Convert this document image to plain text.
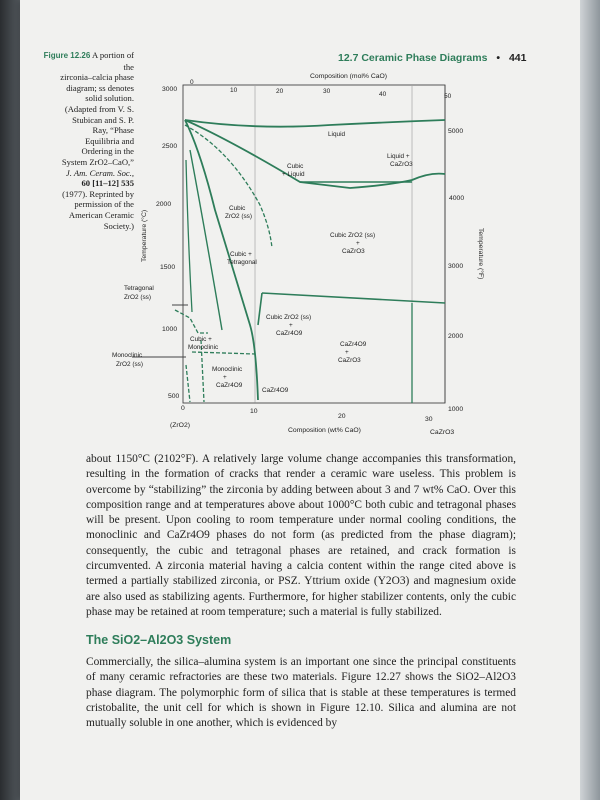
12.7 Ceramic Phase Diagrams • 441
Figure 12.26 A portion of the
zirconia–calcia phase
diagram; ss denotes
solid solution.
(Adapted from V. S.
Stubican and S. P.
Ray, “Phase
Equilibria and
Ordering in the
System ZrO2–CaO,”
J. Am. Ceram. Soc.,
60 [11–12] 535
(1977). Reprinted by
permission of the
American Ceramic
Society.)
Composition (mol% CaO)
0
10	20	30	40	50
Temperature (°C)
3000
2500
2000
1500
1000
500
Temperature (°F)
5000
4000
3000
2000
1000
0	10
20	30
Composition (wt% CaO)
(ZrO2)
CaZrO3
Liquid
Liquid +
CaZrO3
Cubic
+ Liquid
Cubic
ZrO2 (ss)
Cubic ZrO2 (ss)
+
CaZrO3
Cubic +
Tetragonal
Tetragonal
ZrO2 (ss)
Cubic ZrO2 (ss)
+
CaZr4O9
Cubic +
Monoclinic
Monoclinic
ZrO2 (ss)
Monoclinic
+
CaZr4O9
CaZr4O9
+
CaZrO3
CaZr4O9

about 1150°C (2102°F). A relatively large volume change accompanies this transformation, resulting in the formation of cracks that render a ceramic ware useless. This problem is overcome by “stabilizing” the zirconia by adding between about 3 and 7 wt% CaO. Over this composition range and at temperatures above about 1000°C both cubic and tetragonal phases will be present. Upon cooling to room temperature under normal cooling conditions, the monoclinic and CaZr4O9 phases do not form (as predicted from the phase diagram); consequently, the cubic and tetragonal phases are retained, and crack formation is circumvented. A zirconia material having a calcia content within the range cited above is termed a partially stabilized zirconia, or PSZ. Yttrium oxide (Y2O3) and magnesium oxide are also used as stabilizing agents. Furthermore, for higher stabilizer contents, only the cubic phase may be retained at room temperature; such a material is fully stabilized.

The SiO2–Al2O3 System

Commercially, the silica–alumina system is an important one since the principal constituents of many ceramic refractories are these two materials. Figure 12.27 shows the SiO2–Al2O3 phase diagram. The polymorphic form of silica that is stable at these temperatures is termed cristobalite, the unit cell for which is shown in Figure 12.10. Silica and alumina are not mutually soluble in one another, which is evidenced by
